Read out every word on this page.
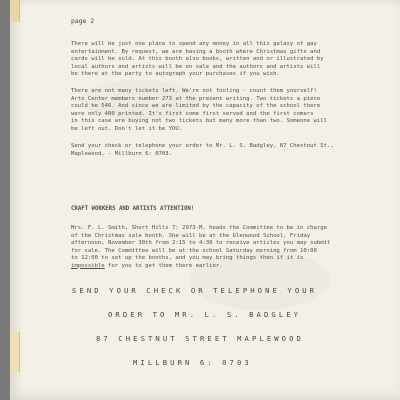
page 2
There will be just one place to spend any money in all this galaxy of gay
entertainment. By request, we are having a booth where Christmas gifts and
cards will be sold. At this booth also books, written and or illustrated by
local authors and artists will be on sale and the authors and artists will
be there at the party to autograph your purchases if you wish.
There are not many tickets left. We're not fooling - count them yourself!
Arts Center members number 273 at the present writing. Two tickets a piece
could be 546. And since we are limited by the capacity of the school there
were only 400 printed. It's first come first served and the first comers
in this case are buying not two tickets but many more than two. Someone will
be left out. Don't let it be YOU.
Send your check or telephone your order to Mr. L. S. Badgley, 87 Chestnut St.,
Maplewood, - Millburn 6: 0703.
CRAFT WORKERS AND ARTISTS ATTENTION!
Mrs. F. L. Smith, Short Hills 7: 2973-M, heads the Committee to be in charge
of the Christmas sale booth. She will be at the Glenwood School, Friday
afternoon, November 30th from 2:15 to 4:30 to receive articles you may submit
for sale. The Committee will be at the school Saturday morning from 10:00
to 12:00 to set up the booths, and you may bring things then if it is
impossible for you to get them there earlier.
SEND YOUR CHECK OR TELEPHONE YOUR
ORDER TO MR. L. S. BADGLEY
87 CHESTNUT STREET MAPLEWOOD
MILLBURN 6: 0703
